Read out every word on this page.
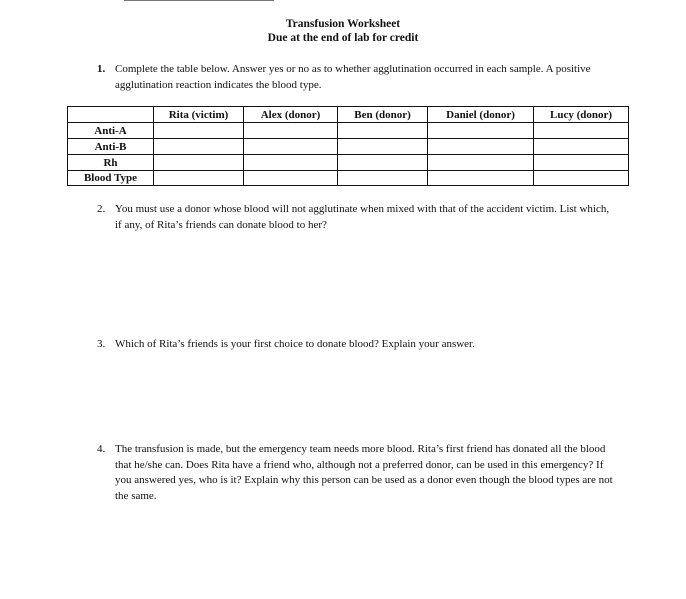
Transfusion Worksheet
Due at the end of lab for credit
1. Complete the table below. Answer yes or no as to whether agglutination occurred in each sample. A positive agglutination reaction indicates the blood type.
	Rita (victim)	Alex (donor)	Ben (donor)	Daniel (donor)	Lucy (donor)
Anti-A					
Anti-B					
Rh					
Blood Type					
2. You must use a donor whose blood will not agglutinate when mixed with that of the accident victim. List which, if any, of Rita’s friends can donate blood to her?
3. Which of Rita’s friends is your first choice to donate blood? Explain your answer.
4. The transfusion is made, but the emergency team needs more blood. Rita’s first friend has donated all the blood that he/she can. Does Rita have a friend who, although not a preferred donor, can be used in this emergency? If you answered yes, who is it? Explain why this person can be used as a donor even though the blood types are not the same.
